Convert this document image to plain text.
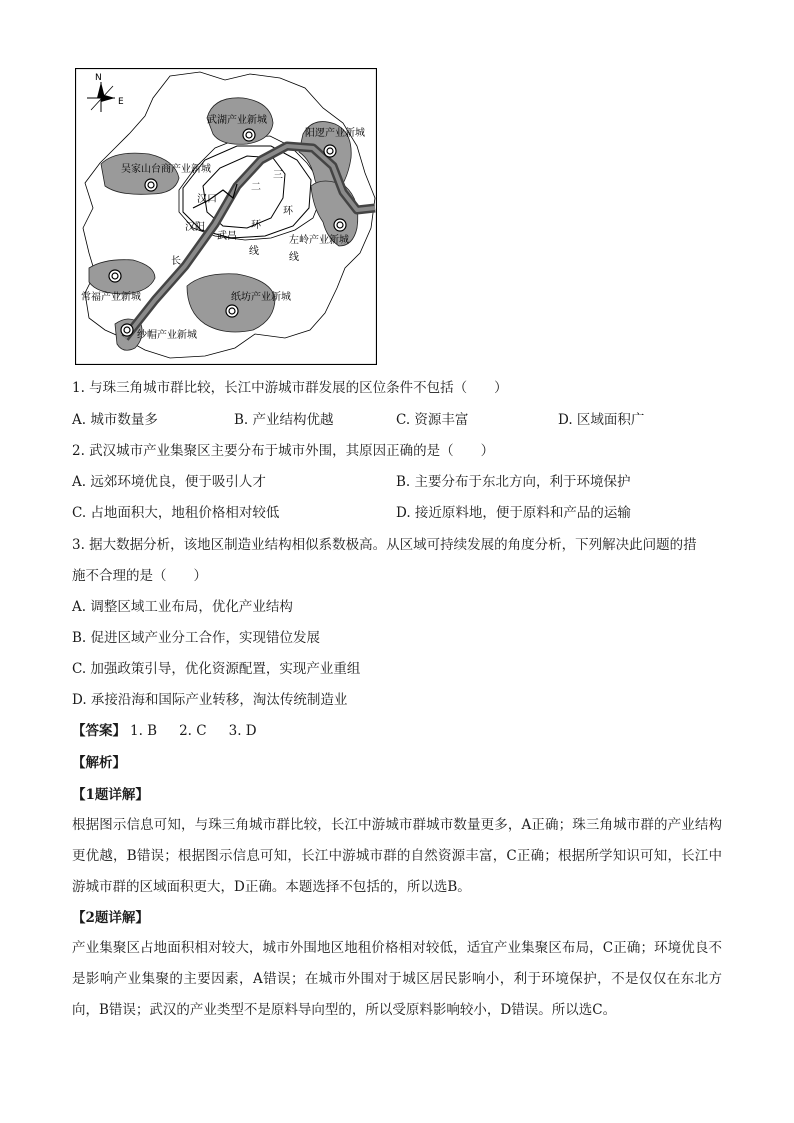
N
E
武湖产业新城
阳逻产业新城
吴家山台商产业新城
左岭产业新城
常福产业新城	纸坊产业新城
纱帽产业新城
汉口
汉阳
武昌
二
环
线
三
环
线
长
1. 与珠三角城市群比较，长江中游城市群发展的区位条件不包括（　　）
A. 城市数量多	B. 产业结构优越	C. 资源丰富	D. 区域面积广
2. 武汉城市产业集聚区主要分布于城市外围，其原因正确的是（　　）
A. 远郊环境优良，便于吸引人才	B. 主要分布于东北方向，利于环境保护
C. 占地面积大，地租价格相对较低	D. 接近原料地，便于原料和产品的运输
3. 据大数据分析，该地区制造业结构相似系数极高。从区域可持续发展的角度分析，下列解决此问题的措
施不合理的是（　　）
A. 调整区域工业布局，优化产业结构
B. 促进区域产业分工合作，实现错位发展
C. 加强政策引导，优化资源配置，实现产业重组
D. 承接沿海和国际产业转移，淘汰传统制造业
【答案】 1. B 2. C 3. D
【解析】
【1题详解】
根据图示信息可知，与珠三角城市群比较，长江中游城市群城市数量更多，A正确；珠三角城市群的产业结构更优越，B错误；根据图示信息可知，长江中游城市群的自然资源丰富，C正确；根据所学知识可知，长江中游城市群的区域面积更大，D正确。本题选择不包括的，所以选B。
【2题详解】
产业集聚区占地面积相对较大，城市外围地区地租价格相对较低，适宜产业集聚区布局，C正确；环境优良不是影响产业集聚的主要因素，A错误；在城市外围对于城区居民影响小，利于环境保护，不是仅仅在东北方向，B错误；武汉的产业类型不是原料导向型的，所以受原料影响较小，D错误。所以选C。
